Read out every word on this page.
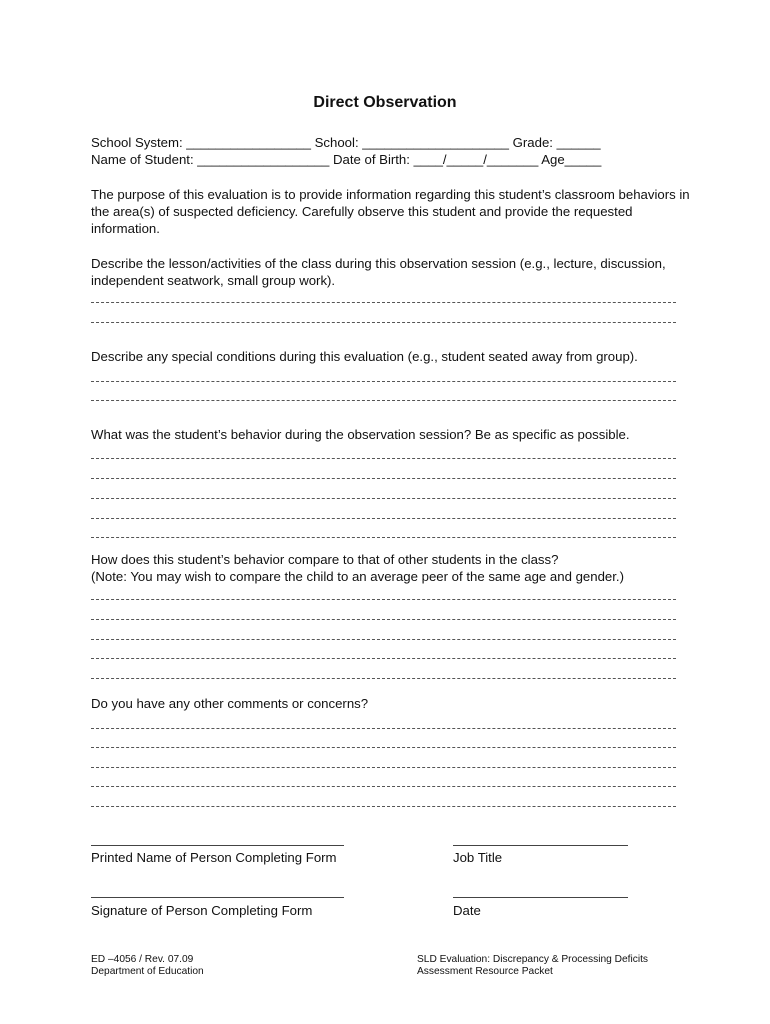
Direct Observation
School System: _________________ School: ____________________ Grade: ______
Name of Student: __________________ Date of Birth: ____/_____/_______ Age_____
The purpose of this evaluation is to provide information regarding this student’s classroom behaviors in the area(s) of suspected deficiency. Carefully observe this student and provide the requested information.
Describe the lesson/activities of the class during this observation session (e.g., lecture, discussion, independent seatwork, small group work).
Describe any special conditions during this evaluation (e.g., student seated away from group).
What was the student’s behavior during the observation session? Be as specific as possible.
How does this student’s behavior compare to that of other students in the class?
(Note: You may wish to compare the child to an average peer of the same age and gender.)
Do you have any other comments or concerns?
Printed Name of Person Completing Form	Job Title
Signature of Person Completing Form	Date
ED –4056 / Rev. 07.09
Department of Education
SLD Evaluation: Discrepancy & Processing Deficits
Assessment Resource Packet
